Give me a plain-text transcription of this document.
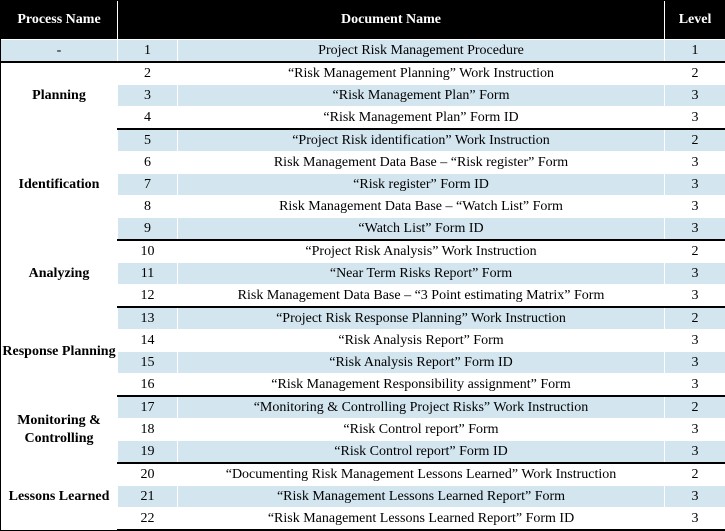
Process Name	Document Name		Level
-	1	Project Risk Management Procedure	1
Planning	2	“Risk Management Planning” Work Instruction	2
	3	“Risk Management Plan” Form	3
	4	“Risk Management Plan” Form ID	3
Identification	5	“Project Risk identification” Work Instruction	2
	6	Risk Management Data Base – “Risk register” Form	3
	7	“Risk register” Form ID	3
	8	Risk Management Data Base – “Watch List” Form	3
	9	“Watch List” Form ID	3
Analyzing	10	“Project Risk Analysis” Work Instruction	2
	11	“Near Term Risks Report” Form	3
	12	Risk Management Data Base – “3 Point estimating Matrix” Form	3
Response Planning	13	“Project Risk Response Planning” Work Instruction	2
	14	“Risk Analysis Report” Form	3
	15	“Risk Analysis Report” Form ID	3
	16	“Risk Management Responsibility assignment” Form	3
Monitoring & Controlling	17	“Monitoring & Controlling Project Risks” Work Instruction	2
	18	“Risk Control report” Form	3
	19	“Risk Control report” Form ID	3
Lessons Learned	20	“Documenting Risk Management Lessons Learned” Work Instruction	2
	21	“Risk Management Lessons Learned Report” Form	3
	22	“Risk Management Lessons Learned Report” Form ID	3
